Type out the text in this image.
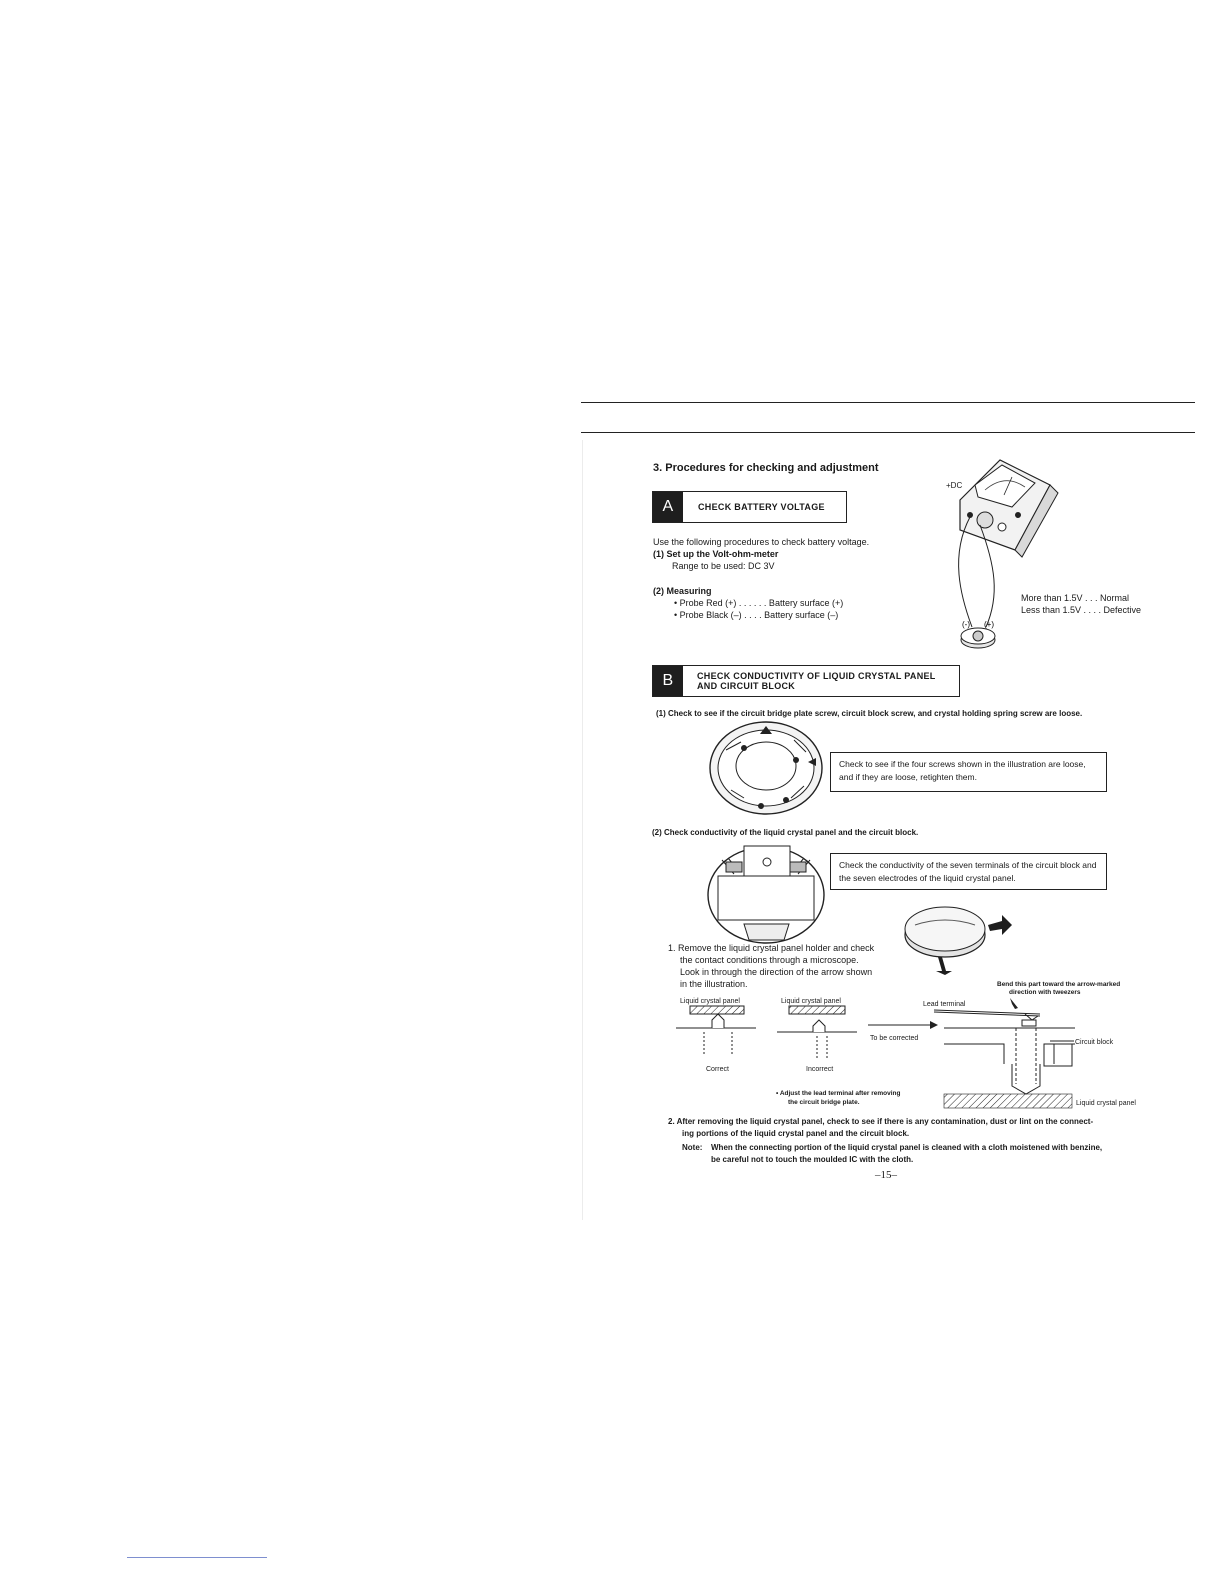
3. Procedures for checking and adjustment
A	CHECK BATTERY VOLTAGE
Use the following procedures to check battery voltage.
(1) Set up the Volt-ohm-meter
Range to be used: DC 3V
(2) Measuring
• Probe Red (+) . . . . . . Battery surface (+)
• Probe Black (–) . . . . Battery surface (–)
(-) (+)
+DC
More than 1.5V . . . Normal
Less than 1.5V . . . . Defective
B	CHECK CONDUCTIVITY OF LIQUID CRYSTAL PANEL
AND CIRCUIT BLOCK
(1) Check to see if the circuit bridge plate screw, circuit block screw, and crystal holding spring screw are loose.
Check to see if the four screws shown in the illustration are loose, and if they are loose, retighten them.
(2) Check conductivity of the liquid crystal panel and the circuit block.
Check the conductivity of the seven terminals of the circuit block and the seven electrodes of the liquid crystal panel.
1. Remove the liquid crystal panel holder and check
the contact conditions through a microscope.
Look in through the direction of the arrow shown
in the illustration.
Liquid crystal panel	Liquid crystal panel
Correct	Incorrect
To be corrected
Bend this part toward the arrow-marked
direction with tweezers
Lead terminal
Circuit block
Liquid crystal panel
• Adjust the lead terminal after removing
the circuit bridge plate.
2. After removing the liquid crystal panel, check to see if there is any contamination, dust or lint on the connect-
ing portions of the liquid crystal panel and the circuit block.
Note: When the connecting portion of the liquid crystal panel is cleaned with a cloth moistened with benzine,
be careful not to touch the moulded IC with the cloth.
–15–
